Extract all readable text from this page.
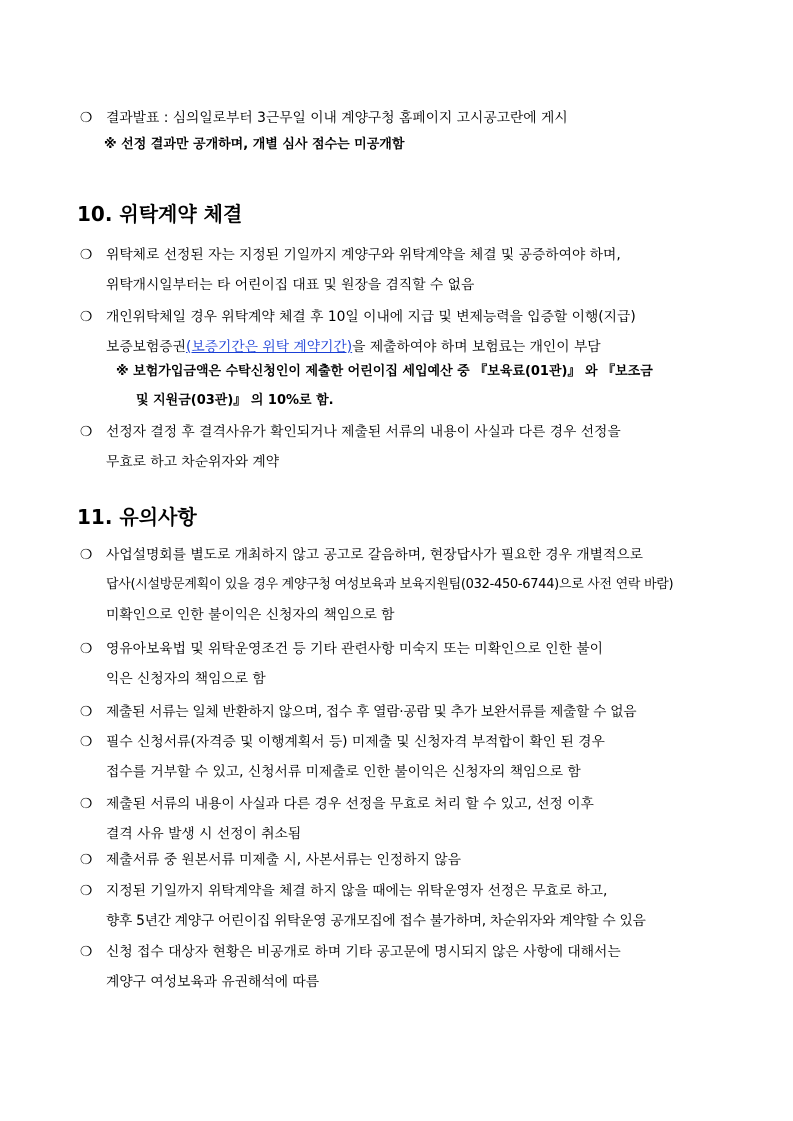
❍ 결과발표 : 심의일로부터 3근무일 이내 계양구청 홈페이지 고시공고란에 게시
※ 선정 결과만 공개하며, 개별 심사 점수는 미공개함
10. 위탁계약 체결
❍ 위탁체로 선정된 자는 지정된 기일까지 계양구와 위탁계약을 체결 및 공증하여야 하며,
위탁개시일부터는 타 어린이집 대표 및 원장을 겸직할 수 없음
❍ 개인위탁체일 경우 위탁계약 체결 후 10일 이내에 지급 및 변제능력을 입증할 이행(지급)
보증보험증권(보증기간은 위탁 계약기간)을 제출하여야 하며 보험료는 개인이 부담
※ 보험가입금액은 수탁신청인이 제출한 어린이집 세입예산 중 『보육료(01관)』 와 『보조금
및 지원금(03관)』 의 10%로 함.
❍ 선정자 결정 후 결격사유가 확인되거나 제출된 서류의 내용이 사실과 다른 경우 선정을
무효로 하고 차순위자와 계약
11. 유의사항
❍ 사업설명회를 별도로 개최하지 않고 공고로 갈음하며, 현장답사가 필요한 경우 개별적으로
답사(시설방문계획이 있을 경우 계양구청 여성보육과 보육지원팀(032-450-6744)으로 사전 연락 바람)
미확인으로 인한 불이익은 신청자의 책임으로 함
❍ 영유아보육법 및 위탁운영조건 등 기타 관련사항 미숙지 또는 미확인으로 인한 불이
익은 신청자의 책임으로 함
❍ 제출된 서류는 일체 반환하지 않으며, 접수 후 열람·공람 및 추가 보완서류를 제출할 수 없음
❍ 필수 신청서류(자격증 및 이행계획서 등) 미제출 및 신청자격 부적합이 확인 된 경우
접수를 거부할 수 있고, 신청서류 미제출로 인한 불이익은 신청자의 책임으로 함
❍ 제출된 서류의 내용이 사실과 다른 경우 선정을 무효로 처리 할 수 있고, 선정 이후
결격 사유 발생 시 선정이 취소됨
❍ 제출서류 중 원본서류 미제출 시, 사본서류는 인정하지 않음
❍ 지정된 기일까지 위탁계약을 체결 하지 않을 때에는 위탁운영자 선정은 무효로 하고,
향후 5년간 계양구 어린이집 위탁운영 공개모집에 접수 불가하며, 차순위자와 계약할 수 있음
❍ 신청 접수 대상자 현황은 비공개로 하며 기타 공고문에 명시되지 않은 사항에 대해서는
계양구 여성보육과 유권해석에 따름
